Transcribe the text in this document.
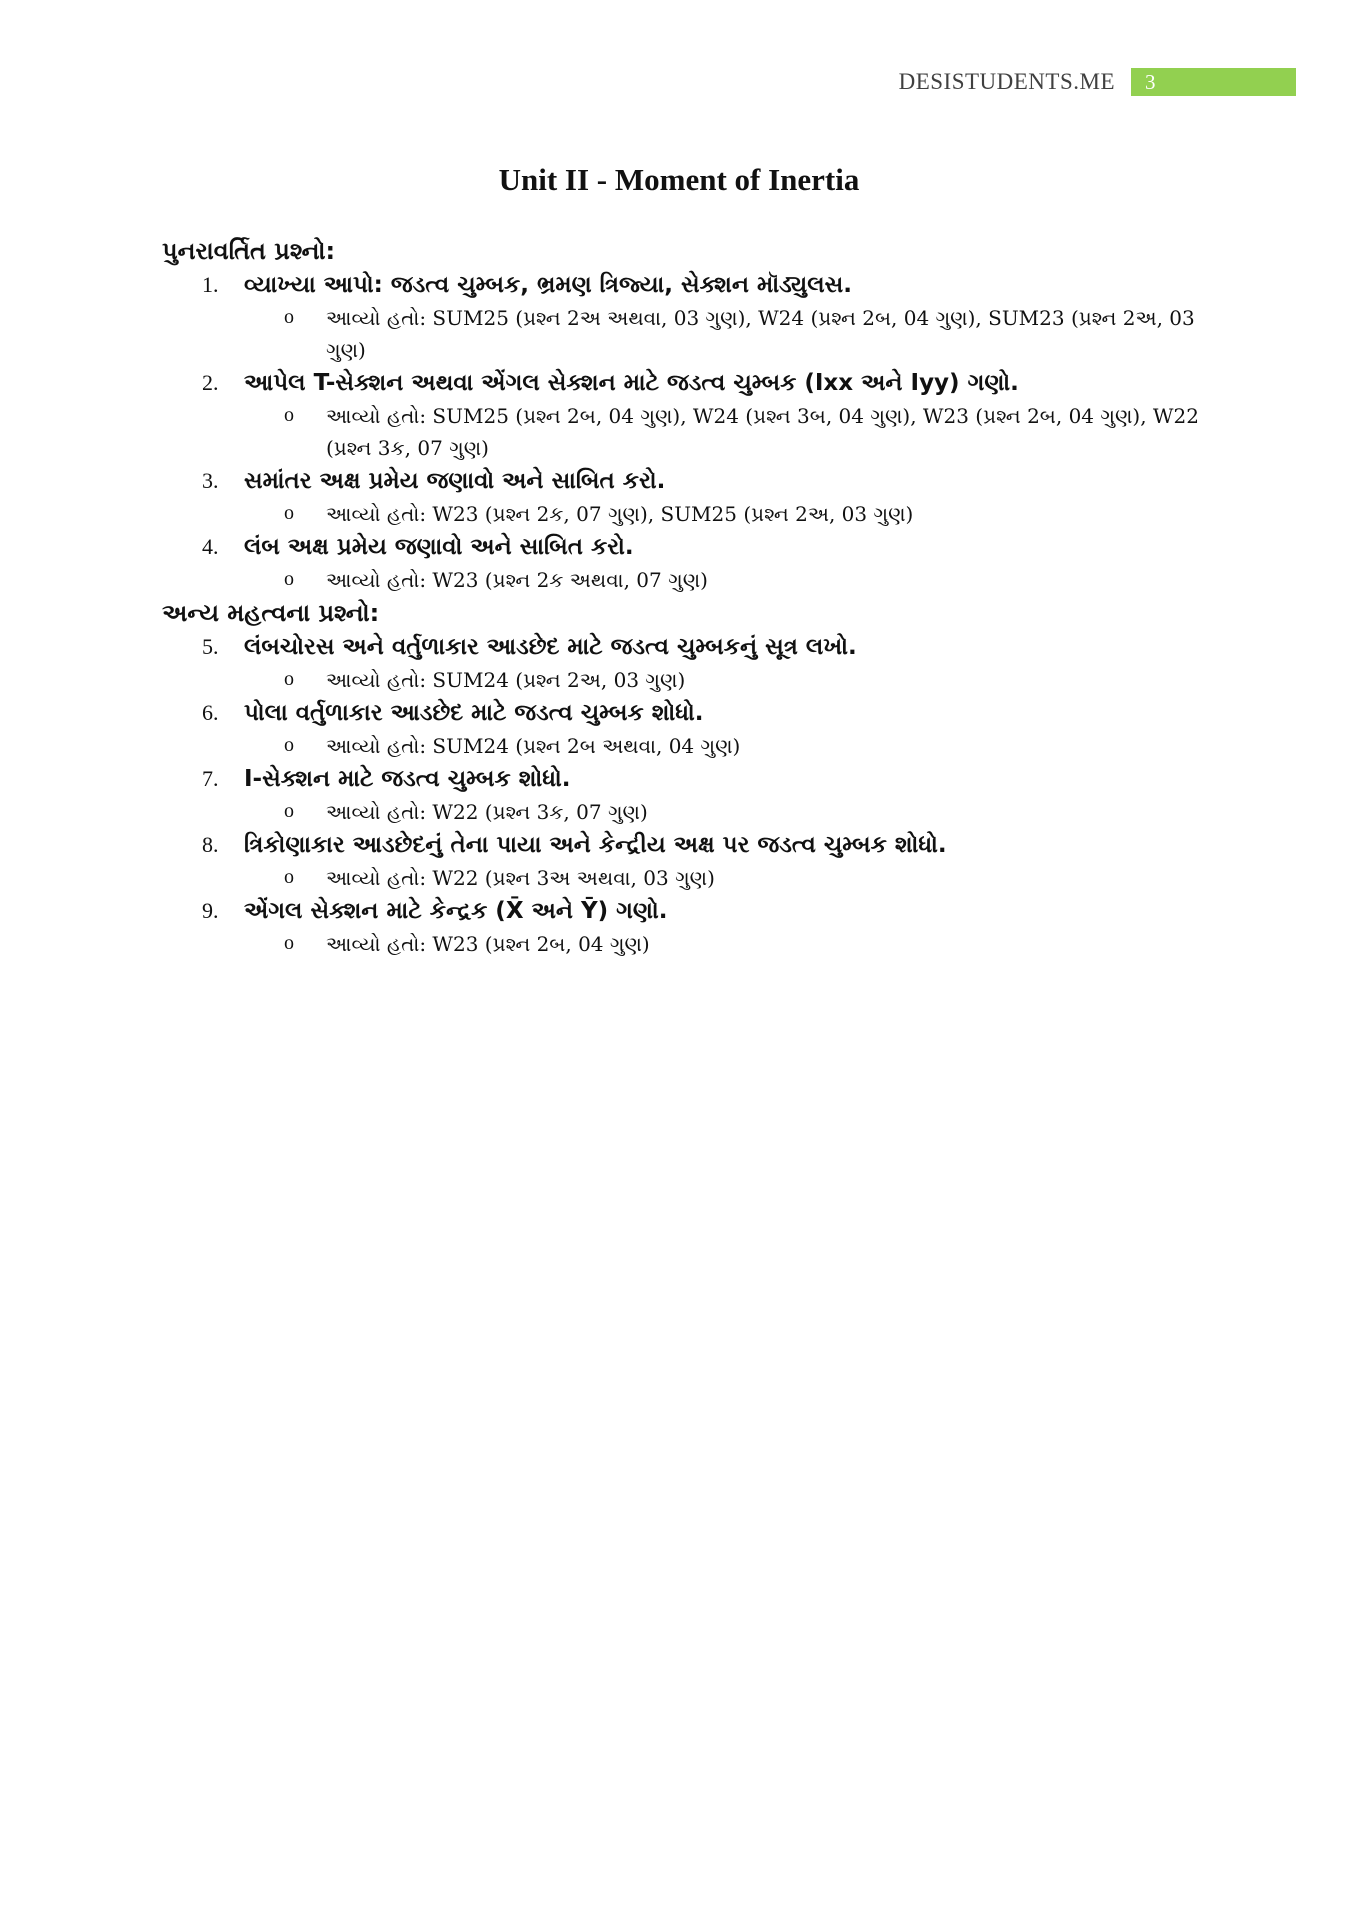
DESISTUDENTS.ME	3
Unit II - Moment of Inertia

પુનરાવર્તિત પ્રશ્નો:

1. વ્યાખ્યા આપો: જડત્વ ચુમ્બક, ભ્રમણ ત્રિજ્યા, સેક્શન મૉડ્યુલસ.
o આવ્યો હતો: SUM25 (પ્રશ્ન 2અ અથવા, 03 ગુણ), W24 (પ્રશ્ન 2બ, 04 ગુણ), SUM23 (પ્રશ્ન 2અ, 03 ગુણ)
2. આપેલ T-સેક્શન અથવા એંગલ સેક્શન માટે જડત્વ ચુમ્બક (Ixx અને Iyy) ગણો.
o આવ્યો હતો: SUM25 (પ્રશ્ન 2બ, 04 ગુણ), W24 (પ્રશ્ન 3બ, 04 ગુણ), W23 (પ્રશ્ન 2બ, 04 ગુણ), W22 (પ્રશ્ન 3ક, 07 ગુણ)
3. સમાંતર અક્ષ પ્રમેય જણાવો અને સાબિત કરો.
o આવ્યો હતો: W23 (પ્રશ્ન 2ક, 07 ગુણ), SUM25 (પ્રશ્ન 2અ, 03 ગુણ)
4. લંબ અક્ષ પ્રમેય જણાવો અને સાબિત કરો.
o આવ્યો હતો: W23 (પ્રશ્ન 2ક અથવા, 07 ગુણ)

અન્ય મહત્વના પ્રશ્નો:

5. લંબચોરસ અને વર્તુળાકાર આડછેદ માટે જડત્વ ચુમ્બકનું સૂત્ર લખો.
o આવ્યો હતો: SUM24 (પ્રશ્ન 2અ, 03 ગુણ)
6. પોલા વર્તુળાકાર આડછેદ માટે જડત્વ ચુમ્બક શોધો.
o આવ્યો હતો: SUM24 (પ્રશ્ન 2બ અથવા, 04 ગુણ)
7. I-સેક્શન માટે જડત્વ ચુમ્બક શોધો.
o આવ્યો હતો: W22 (પ્રશ્ન 3ક, 07 ગુણ)
8. ત્રિકોણાકાર આડછેદનું તેના પાયા અને કેન્દ્રીય અક્ષ પર જડત્વ ચુમ્બક શોધો.
o આવ્યો હતો: W22 (પ્રશ્ન 3અ અથવા, 03 ગુણ)
9. એંગલ સેક્શન માટે કેન્દ્રક (X̄ અને Ȳ) ગણો.
o આવ્યો હતો: W23 (પ્રશ્ન 2બ, 04 ગુણ)
